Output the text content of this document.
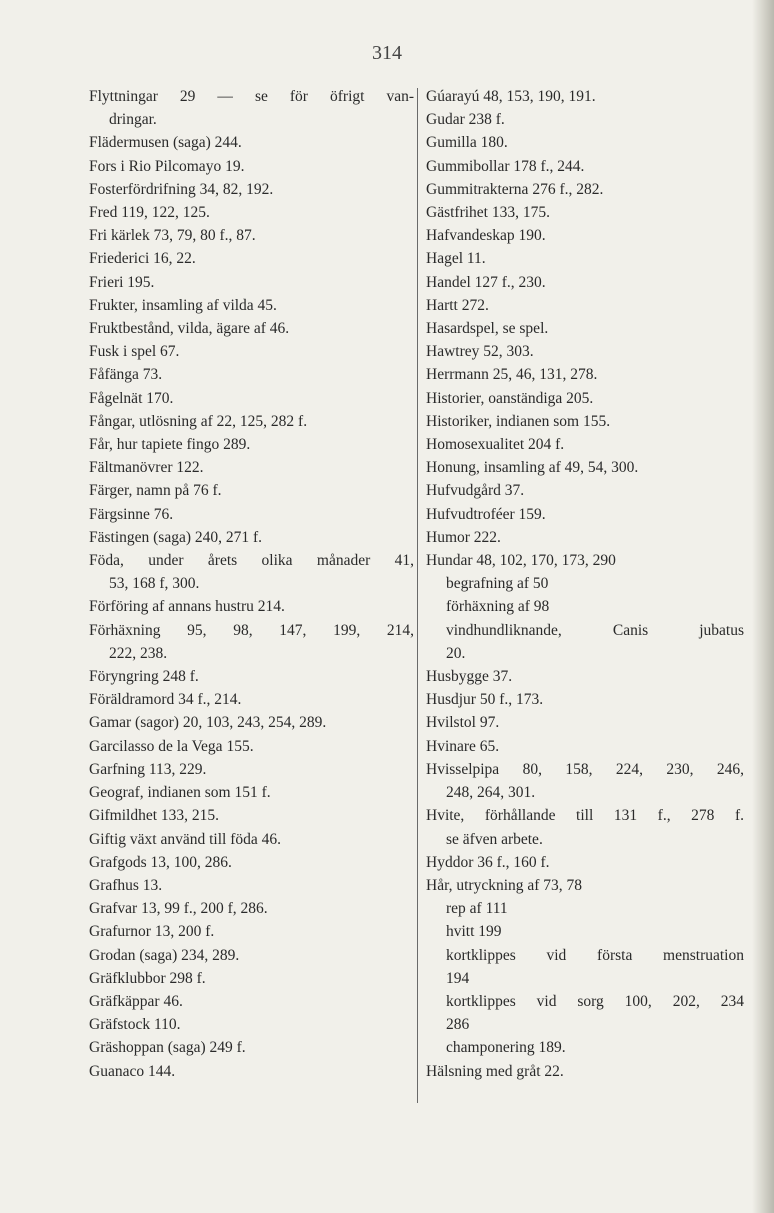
314
Flyttningar 29 — se för öfrigt van-
dringar.
Flädermusen (saga) 244.
Fors i Rio Pilcomayo 19.
Fosterfördrifning 34, 82, 192.
Fred 119, 122, 125.
Fri kärlek 73, 79, 80 f., 87.
Friederici 16, 22.
Frieri 195.
Frukter, insamling af vilda 45.
Fruktbestånd, vilda, ägare af 46.
Fusk i spel 67.
Fåfänga 73.
Fågelnät 170.
Fångar, utlösning af 22, 125, 282 f.
Får, hur tapiete fingo 289.
Fältmanövrer 122.
Färger, namn på 76 f.
Färgsinne 76.
Fästingen (saga) 240, 271 f.
Föda, under årets olika månader 41,
53, 168 f, 300.
Förföring af annans hustru 214.
Förhäxning 95, 98, 147, 199, 214,
222, 238.
Föryngring 248 f.
Föräldramord 34 f., 214.
Gamar (sagor) 20, 103, 243, 254, 289.
Garcilasso de la Vega 155.
Garfning 113, 229.
Geograf, indianen som 151 f.
Gifmildhet 133, 215.
Giftig växt använd till föda 46.
Grafgods 13, 100, 286.
Grafhus 13.
Grafvar 13, 99 f., 200 f, 286.
Grafurnor 13, 200 f.
Grodan (saga) 234, 289.
Gräfklubbor 298 f.
Gräfkäppar 46.
Gräfstock 110.
Gräshoppan (saga) 249 f.
Guanaco 144.
Gúarayú 48, 153, 190, 191.
Gudar 238 f.
Gumilla 180.
Gummibollar 178 f., 244.
Gummitrakterna 276 f., 282.
Gästfrihet 133, 175.
Hafvandeskap 190.
Hagel 11.
Handel 127 f., 230.
Hartt 272.
Hasardspel, se spel.
Hawtrey 52, 303.
Herrmann 25, 46, 131, 278.
Historier, oanständiga 205.
Historiker, indianen som 155.
Homosexualitet 204 f.
Honung, insamling af 49, 54, 300.
Hufvudgård 37.
Hufvudtroféer 159.
Humor 222.
Hundar 48, 102, 170, 173, 290
begrafning af 50
förhäxning af 98
vindhundliknande, Canis jubatus
20.
Husbygge 37.
Husdjur 50 f., 173.
Hvilstol 97.
Hvinare 65.
Hvisselpipa 80, 158, 224, 230, 246,
248, 264, 301.
Hvite, förhållande till 131 f., 278 f.
se äfven arbete.
Hyddor 36 f., 160 f.
Hår, utryckning af 73, 78
rep af 111
hvitt 199
kortklippes vid första menstruation
194
kortklippes vid sorg 100, 202, 234
286
champonering 189.
Hälsning med gråt 22.
